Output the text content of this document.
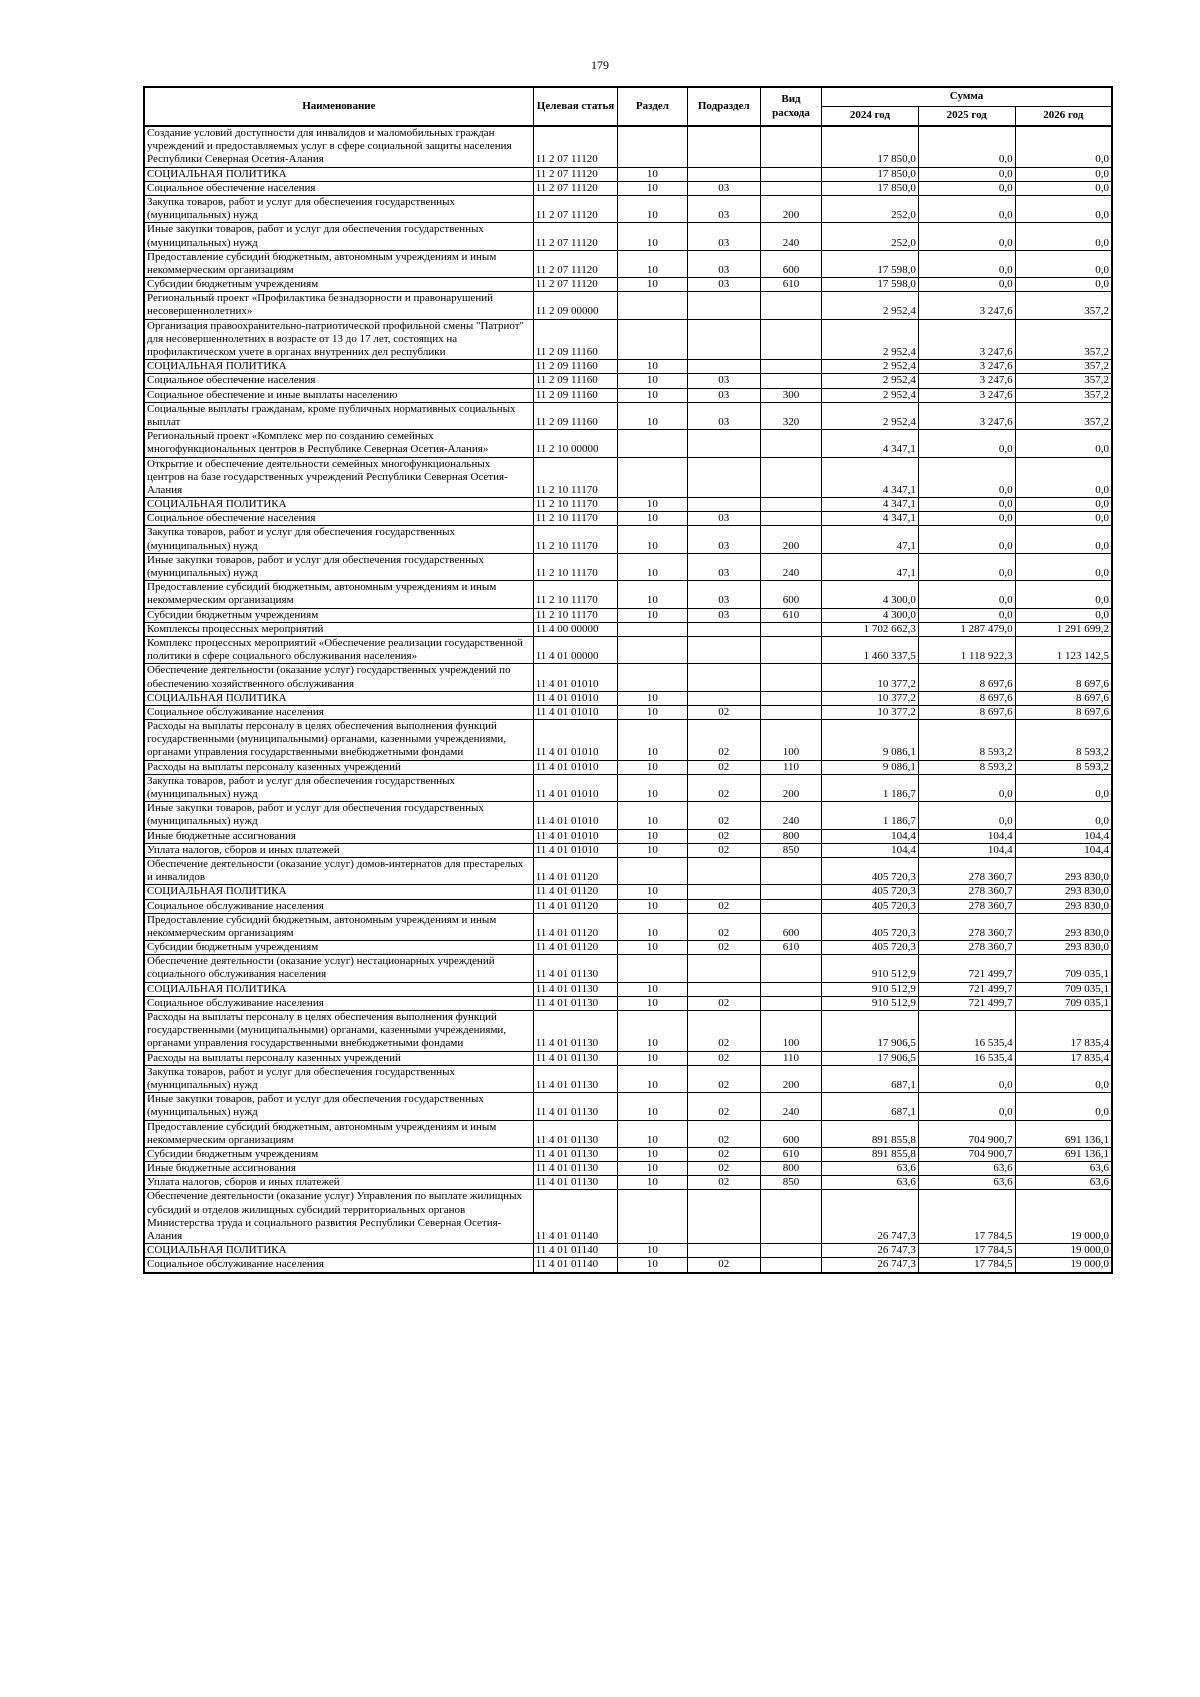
179
Наименование	Целевая статья	Раздел	Подраздел	Вид расхода	Сумма		
					2024 год	2025 год	2026 год
Создание условий доступности для инвалидов и маломобильных граждан учреждений и предоставляемых услуг в сфере социальной защиты населения Республики Северная Осетия-Алания	11 2 07 11120				17 850,0	0,0	0,0
СОЦИАЛЬНАЯ ПОЛИТИКА	11 2 07 11120	10			17 850,0	0,0	0,0
Социальное обеспечение населения	11 2 07 11120	10	03		17 850,0	0,0	0,0
Закупка товаров, работ и услуг для обеспечения государственных (муниципальных) нужд	11 2 07 11120	10	03	200	252,0	0,0	0,0
Иные закупки товаров, работ и услуг для обеспечения государственных (муниципальных) нужд	11 2 07 11120	10	03	240	252,0	0,0	0,0
Предоставление субсидий бюджетным, автономным учреждениям и иным некоммерческим организациям	11 2 07 11120	10	03	600	17 598,0	0,0	0,0
Субсидии бюджетным учреждениям	11 2 07 11120	10	03	610	17 598,0	0,0	0,0
Региональный проект «Профилактика безнадзорности и правонарушений несовершеннолетних»	11 2 09 00000				2 952,4	3 247,6	357,2
Организация правоохранительно-патриотической профильной смены "Патриот" для несовершеннолетних в возрасте от 13 до 17 лет, состоящих на профилактическом учете в органах внутренних дел республики	11 2 09 11160				2 952,4	3 247,6	357,2
СОЦИАЛЬНАЯ ПОЛИТИКА	11 2 09 11160	10			2 952,4	3 247,6	357,2
Социальное обеспечение населения	11 2 09 11160	10	03		2 952,4	3 247,6	357,2
Социальное обеспечение и иные выплаты населению	11 2 09 11160	10	03	300	2 952,4	3 247,6	357,2
Социальные выплаты гражданам, кроме публичных нормативных социальных выплат	11 2 09 11160	10	03	320	2 952,4	3 247,6	357,2
Региональный проект «Комплекс мер по созданию семейных многофункциональных центров в Республике Северная Осетия-Алания»	11 2 10 00000				4 347,1	0,0	0,0
Открытие и обеспечение деятельности семейных многофункциональных центров на базе государственных учреждений Республики Северная Осетия-Алания	11 2 10 11170				4 347,1	0,0	0,0
СОЦИАЛЬНАЯ ПОЛИТИКА	11 2 10 11170	10			4 347,1	0,0	0,0
Социальное обеспечение населения	11 2 10 11170	10	03		4 347,1	0,0	0,0
Закупка товаров, работ и услуг для обеспечения государственных (муниципальных) нужд	11 2 10 11170	10	03	200	47,1	0,0	0,0
Иные закупки товаров, работ и услуг для обеспечения государственных (муниципальных) нужд	11 2 10 11170	10	03	240	47,1	0,0	0,0
Предоставление субсидий бюджетным, автономным учреждениям и иным некоммерческим организациям	11 2 10 11170	10	03	600	4 300,0	0,0	0,0
Субсидии бюджетным учреждениям	11 2 10 11170	10	03	610	4 300,0	0,0	0,0
Комплексы процессных мероприятий	11 4 00 00000				1 702 662,3	1 287 479,0	1 291 699,2
Комплекс процессных мероприятий «Обеспечение реализации государственной политики в сфере социального обслуживания населения»	11 4 01 00000				1 460 337,5	1 118 922,3	1 123 142,5
Обеспечение деятельности (оказание услуг) государственных учреждений по обеспечению хозяйственного обслуживания	11 4 01 01010				10 377,2	8 697,6	8 697,6
СОЦИАЛЬНАЯ ПОЛИТИКА	11 4 01 01010	10			10 377,2	8 697,6	8 697,6
Социальное обслуживание населения	11 4 01 01010	10	02		10 377,2	8 697,6	8 697,6
Расходы на выплаты персоналу в целях обеспечения выполнения функций государственными (муниципальными) органами, казенными учреждениями, органами управления государственными внебюджетными фондами	11 4 01 01010	10	02	100	9 086,1	8 593,2	8 593,2
Расходы на выплаты персоналу казенных учреждений	11 4 01 01010	10	02	110	9 086,1	8 593,2	8 593,2
Закупка товаров, работ и услуг для обеспечения государственных (муниципальных) нужд	11 4 01 01010	10	02	200	1 186,7	0,0	0,0
Иные закупки товаров, работ и услуг для обеспечения государственных (муниципальных) нужд	11 4 01 01010	10	02	240	1 186,7	0,0	0,0
Иные бюджетные ассигнования	11 4 01 01010	10	02	800	104,4	104,4	104,4
Уплата налогов, сборов и иных платежей	11 4 01 01010	10	02	850	104,4	104,4	104,4
Обеспечение деятельности (оказание услуг) домов-интернатов для престарелых и инвалидов	11 4 01 01120				405 720,3	278 360,7	293 830,0
СОЦИАЛЬНАЯ ПОЛИТИКА	11 4 01 01120	10			405 720,3	278 360,7	293 830,0
Социальное обслуживание населения	11 4 01 01120	10	02		405 720,3	278 360,7	293 830,0
Предоставление субсидий бюджетным, автономным учреждениям и иным некоммерческим организациям	11 4 01 01120	10	02	600	405 720,3	278 360,7	293 830,0
Субсидии бюджетным учреждениям	11 4 01 01120	10	02	610	405 720,3	278 360,7	293 830,0
Обеспечение деятельности (оказание услуг) нестационарных учреждений социального обслуживания населения	11 4 01 01130				910 512,9	721 499,7	709 035,1
СОЦИАЛЬНАЯ ПОЛИТИКА	11 4 01 01130	10			910 512,9	721 499,7	709 035,1
Социальное обслуживание населения	11 4 01 01130	10	02		910 512,9	721 499,7	709 035,1
Расходы на выплаты персоналу в целях обеспечения выполнения функций государственными (муниципальными) органами, казенными учреждениями, органами управления государственными внебюджетными фондами	11 4 01 01130	10	02	100	17 906,5	16 535,4	17 835,4
Расходы на выплаты персоналу казенных учреждений	11 4 01 01130	10	02	110	17 906,5	16 535,4	17 835,4
Закупка товаров, работ и услуг для обеспечения государственных (муниципальных) нужд	11 4 01 01130	10	02	200	687,1	0,0	0,0
Иные закупки товаров, работ и услуг для обеспечения государственных (муниципальных) нужд	11 4 01 01130	10	02	240	687,1	0,0	0,0
Предоставление субсидий бюджетным, автономным учреждениям и иным некоммерческим организациям	11 4 01 01130	10	02	600	891 855,8	704 900,7	691 136,1
Субсидии бюджетным учреждениям	11 4 01 01130	10	02	610	891 855,8	704 900,7	691 136,1
Иные бюджетные ассигнования	11 4 01 01130	10	02	800	63,6	63,6	63,6
Уплата налогов, сборов и иных платежей	11 4 01 01130	10	02	850	63,6	63,6	63,6
Обеспечение деятельности (оказание услуг) Управления по выплате жилищных субсидий и отделов жилищных субсидий территориальных органов Министерства труда и социального развития Республики Северная Осетия-Алания	11 4 01 01140				26 747,3	17 784,5	19 000,0
СОЦИАЛЬНАЯ ПОЛИТИКА	11 4 01 01140	10			26 747,3	17 784,5	19 000,0
Социальное обслуживание населения	11 4 01 01140	10	02		26 747,3	17 784,5	19 000,0
